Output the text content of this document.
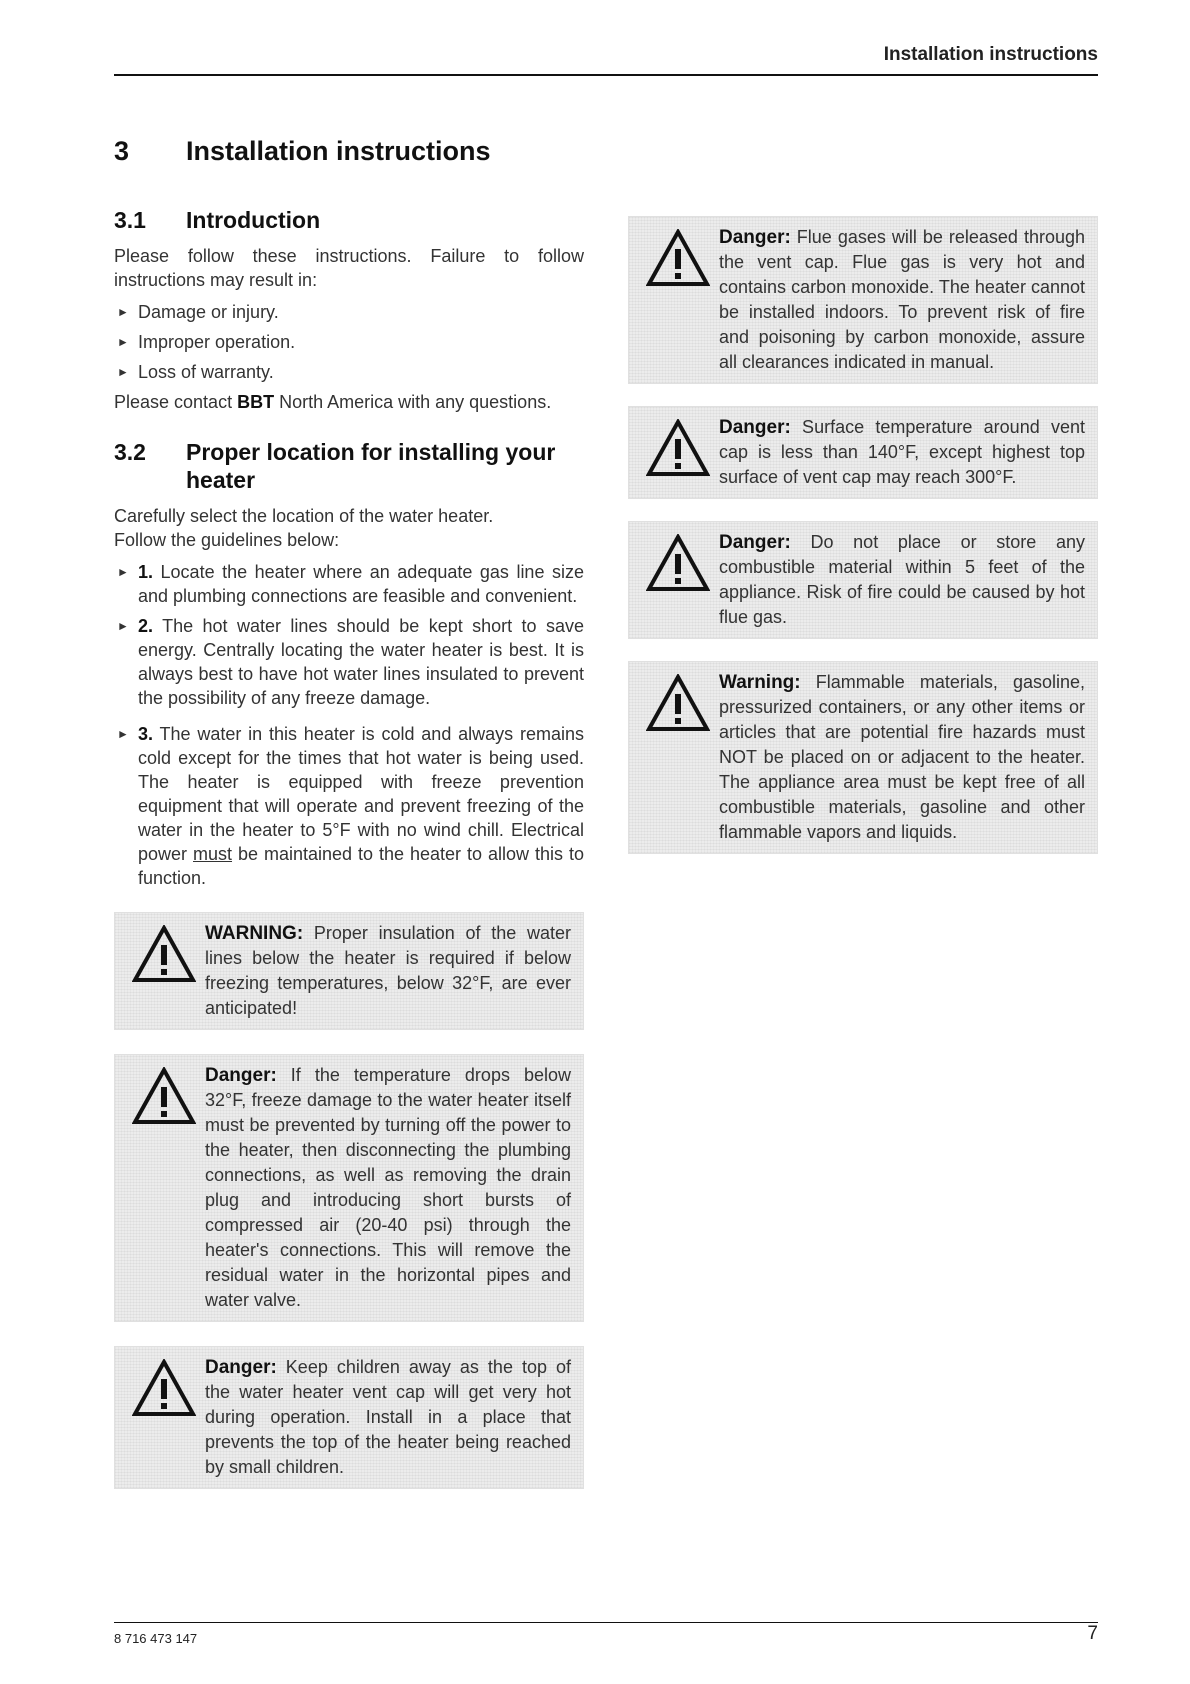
Installation instructions
3 Installation instructions
3.1	Introduction

Please follow these instructions. Failure to follow instructions may result in:

► Damage or injury.
► Improper operation.
► Loss of warranty.

Please contact BBT North America with any questions.

3.2	Proper location for installing your heater

Carefully select the location of the water heater.
Follow the guidelines below:

► 1. Locate the heater where an adequate gas line size and plumbing connections are feasible and convenient.
► 2. The hot water lines should be kept short to save energy. Centrally locating the water heater is best. It is always best to have hot water lines insulated to prevent the possibility of any freeze damage.
► 3. The water in this heater is cold and always remains cold except for the times that hot water is being used. The heater is equipped with freeze prevention equipment that will operate and prevent freezing of the water in the heater to 5°F with no wind chill. Electrical power must be maintained to the heater to allow this to function.
WARNING: Proper insulation of the water lines below the heater is required if below freezing temperatures, below 32°F, are ever anticipated!
Danger: If the temperature drops below 32°F, freeze damage to the water heater itself must be prevented by turning off the power to the heater, then disconnecting the plumbing connections, as well as removing the drain plug and introducing short bursts of compressed air (20-40 psi) through the heater's connections. This will remove the residual water in the horizontal pipes and water valve.
Danger: Keep children away as the top of the water heater vent cap will get very hot during operation. Install in a place that prevents the top of the heater being reached by small children.
Danger: Flue gases will be released through the vent cap. Flue gas is very hot and contains carbon monoxide. The heater cannot be installed indoors. To prevent risk of fire and poisoning by carbon monoxide, assure all clearances indicated in manual.
Danger: Surface temperature around vent cap is less than 140°F, except highest top surface of vent cap may reach 300°F.
Danger: Do not place or store any combustible material within 5 feet of the appliance. Risk of fire could be caused by hot flue gas.
Warning: Flammable materials, gasoline, pressurized containers, or any other items or articles that are potential fire hazards must NOT be placed on or adjacent to the heater. The appliance area must be kept free of all combustible materials, gasoline and other flammable vapors and liquids.
8 716 473 147	7
